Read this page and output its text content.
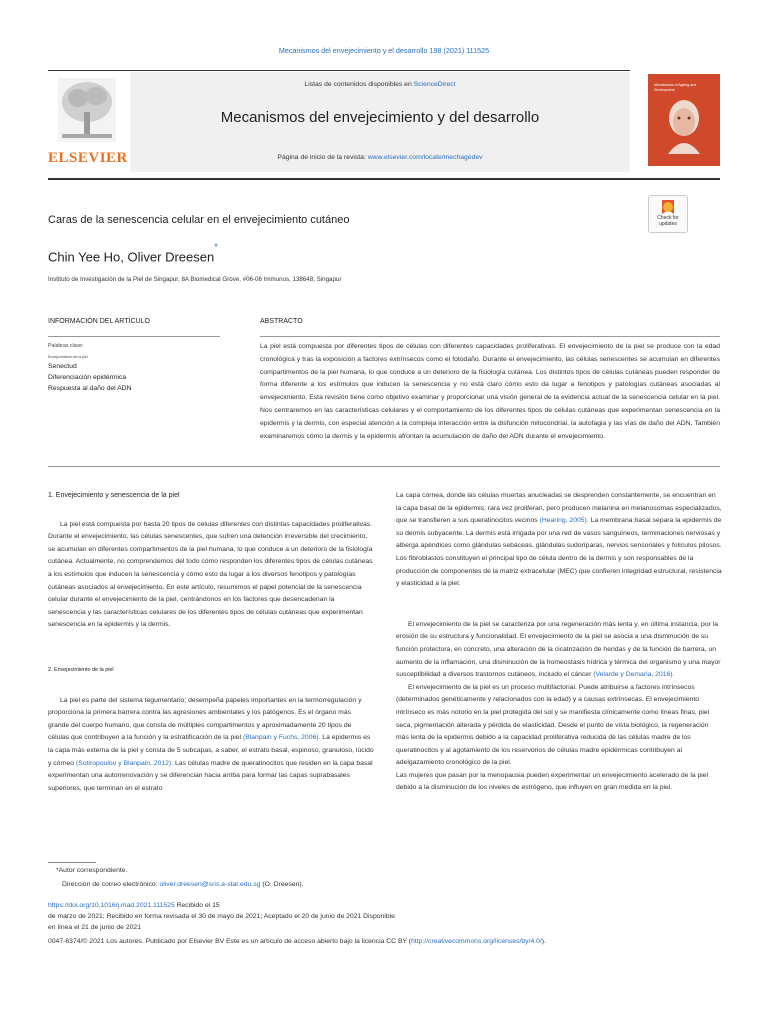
Mecanismos del envejecimiento y el desarrollo 198 (2021) 111525
ELSEVIER
Listas de contenidos disponibles en ScienceDirect
Mecanismos del envejecimiento y del desarrollo
Página de inicio de la revista: www.elsevier.com/locate/mechagedev
Mechanisms of Ageing and Development
Check for
updates
Caras de la senescencia celular en el envejecimiento cutáneo
Chin Yee Ho, Oliver Dreesen*
Instituto de Investigación de la Piel de Singapur, 8A Biomedical Grove, #06-06 Immunos, 138648, Singapur
INFORMACIÓN DEL ARTÍCULO
Palabras clave:
Envejecimiento de la piel
Senectud
Diferenciación epidérmica
Respuesta al daño del ADN
ABSTRACTO
La piel está compuesta por diferentes tipos de células con diferentes capacidades proliferativas. El envejecimiento de la piel se produce con la edad cronológica y tras la exposición a factores extrínsecos como el fotodaño. Durante el envejecimiento, las células senescentes se acumulan en diferentes compartimentos de la piel humana, lo que conduce a un deterioro de la fisiología cutánea. Los distintos tipos de células cutáneas pueden responder de forma diferente a los estímulos que inducen la senescencia y no está claro cómo esto da lugar a fenotipos y patologías cutáneas asociadas al envejecimiento. Esta revisión tiene como objetivo examinar y proporcionar una visión general de la evidencia actual de la senescencia celular en la piel. Nos centraremos en las características celulares y el comportamiento de los diferentes tipos de células cutáneas que experimentan senescencia en la epidermis y la dermis, con especial atención a la compleja interacción entre la disfunción mitocondrial, la autofagia y las vías de daño del ADN. También examinaremos cómo la dermis y la epidermis afrontan la acumulación de daño del ADN durante el envejecimiento.

1. Envejecimiento y senescencia de la piel

La piel está compuesta por hasta 20 tipos de células diferentes con distintas capacidades proliferativas. Durante el envejecimiento, las células senescentes, que sufren una detención irreversible del crecimiento, se acumulan en diferentes compartimentos de la piel humana, lo que conduce a un deterioro de la fisiología cutánea. Actualmente, no comprendemos del todo cómo responden los diferentes tipos de células cutáneas a los estímulos que inducen la senescencia y cómo esto da lugar a los diversos fenotipos y patologías cutáneas asociados al envejecimiento. En este artículo, resumimos el papel potencial de la senescencia celular durante el envejecimiento de la piel, centrándonos en los factores que desencadenan la senescencia y las características celulares de los diferentes tipos de células cutáneas que experimentan senescencia en la epidermis y la dermis.

2. Envejecimiento de la piel

La piel es parte del sistema tegumentario; desempeña papeles importantes en la termorregulación y proporciona la primera barrera contra las agresiones ambientales y los patógenos. Es el órgano más grande del cuerpo humano, que consta de múltiples compartimentos y aproximadamente 20 tipos de células que contribuyen a la función y la estratificación de la piel (Blanpain y Fuchs, 2006). La epidermis es la capa más externa de la piel y consta de 5 subcapas, a saber, el estrato basal, espinoso, granuloso, lúcido y córneo (Sotiropoulou y Blanpain, 2012). Las células madre de queratinocitos que residen en la capa basal experimentan una autorrenovación y se diferencian hacia arriba para formar las capas suprabasales superiores, que terminan en el estrato

La capa córnea, donde las células muertas anucleadas se desprenden constantemente, se encuentran en la capa basal de la epidermis; rara vez proliferan, pero producen melanina en melanosomas especializados, que se transfieren a sus queratinocitos vecinos (Hearing, 2005). La membrana basal separa la epidermis de su dermis subyacente. La dermis está irrigada por una red de vasos sanguíneos, terminaciones nerviosas y alberga apéndices como glándulas sebáceas, glándulas sudoríparas, nervios sensoriales y folículos pilosos. Los fibroblastos constituyen el principal tipo de célula dentro de la dermis y son responsables de la producción de componentes de la matriz extracelular (MEC) que confieren integridad estructural, resistencia y elasticidad a la piel.

El envejecimiento de la piel se caracteriza por una regeneración más lenta y, en última instancia, por la erosión de su estructura y funcionalidad. El envejecimiento de la piel se asocia a una disminución de su función protectora, en concreto, una alteración de la cicatrización de heridas y de la función de barrera, un aumento de la inflamación, una disminución de la homeostasis hídrica y térmica del organismo y una mayor susceptibilidad a diversos trastornos cutáneos, incluido el cáncer (Velarde y Demaria, 2016).

El envejecimiento de la piel es un proceso multifactorial. Puede atribuirse a factores intrínsecos (determinados genéticamente y relacionados con la edad) y a causas extrínsecas. El envejecimiento intrínseco es más notorio en la piel protegida del sol y se manifiesta clínicamente como líneas finas, piel seca, pigmentación alterada y pérdida de elasticidad. Desde el punto de vista biológico, la regeneración más lenta de la epidermis debido a la capacidad proliferativa reducida de las células madre de los queratinocitos y al agotamiento de los reservorios de células madre epidérmicas contribuyen al adelgazamiento cronológico de la piel.

Las mujeres que pasan por la menopausia pueden experimentar un envejecimiento acelerado de la piel debido a la disminución de los niveles de estrógeno, que influyen en gran medida en la piel.

*Autor correspondiente.
Dirección de correo electrónico: oliver.dreesen@sris.a-star.edu.sg (O. Dreesen).
https://doi.org/10.1016/j.mad.2021.111525 Recibido el 15
de marzo de 2021; Recibido en forma revisada el 30 de mayo de 2021; Aceptado el 20 de junio de 2021 Disponible
en línea el 21 de junio de 2021
0047-6374/© 2021 Los autores. Publicado por Elsevier BV Este es un artículo de acceso abierto bajo la licencia CC BY (http://creativecommons.org/licenses/by/4.0/).
